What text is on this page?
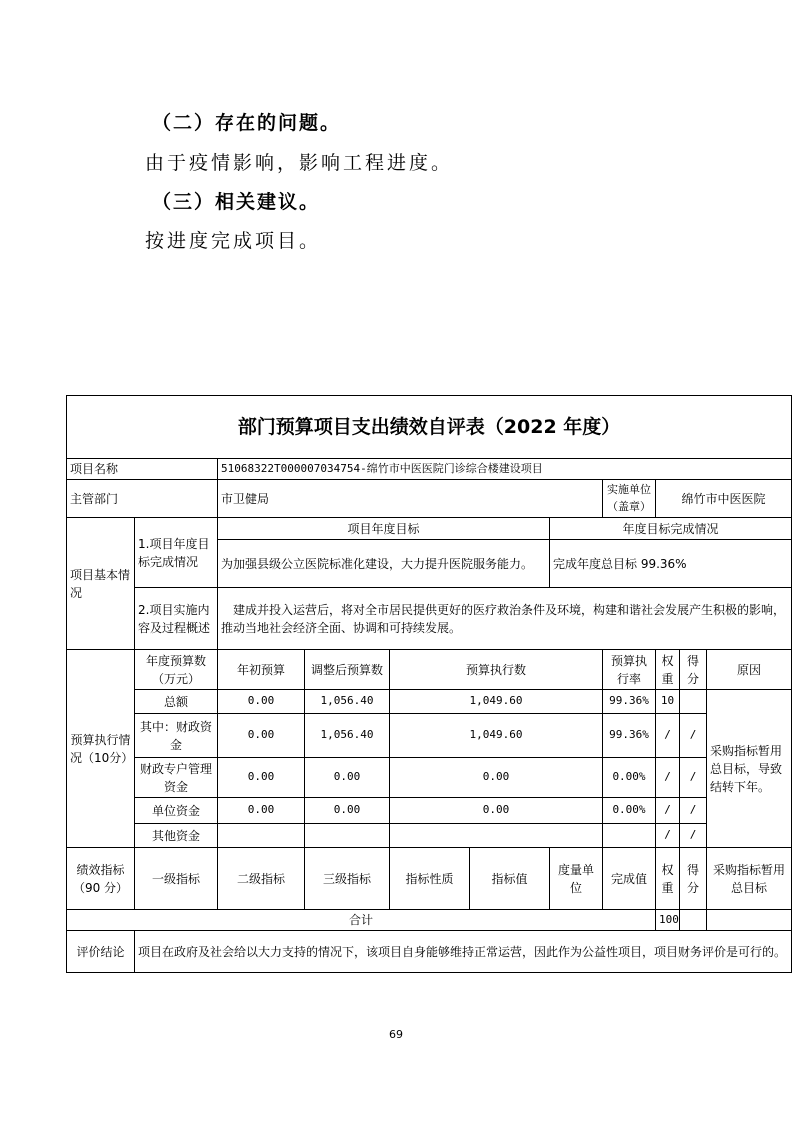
（二）存在的问题。
由于疫情影响，影响工程进度。
（三）相关建议。
按进度完成项目。
部门预算项目支出绩效自评表（2022 年度）										
项目名称		51068322T000007034754-绵竹市中医医院门诊综合楼建设项目								
主管部门		市卫健局					实施单位（盖章）	绵竹市中医医院		
项目基本情况	1.项目年度目标完成情况	项目年度目标				年度目标完成情况				
		为加强县级公立医院标准化建设，大力提升医院服务能力。				完成年度总目标 99.36%				
	2.项目实施内容及过程概述	建成并投入运营后，将对全市居民提供更好的医疗救治条件及环境，构建和谐社会发展产生积极的影响，推动当地社会经济全面、协调和可持续发展。								
预算执行情况（10分）	年度预算数（万元）	年初预算	调整后预算数	预算执行数			预算执行率	权重	得分	原因
	总额	0.00	1,056.40	1,049.60			99.36%	10		采购指标暂用总目标，导致结转下年。
	其中：财政资金	0.00	1,056.40	1,049.60			99.36%	/	/	
	财政专户管理资金	0.00	0.00	0.00			0.00%	/	/	
	单位资金	0.00	0.00	0.00			0.00%	/	/	
	其他资金							/	/	
绩效指标（90 分）	一级指标	二级指标	三级指标	指标性质	指标值	度量单位	完成值	权重	得分	采购指标暂用总目标
合计								100		
评价结论	项目在政府及社会给以大力支持的情况下，该项目自身能够维持正常运营，因此作为公益性项目，项目财务评价是可行的。									
69
